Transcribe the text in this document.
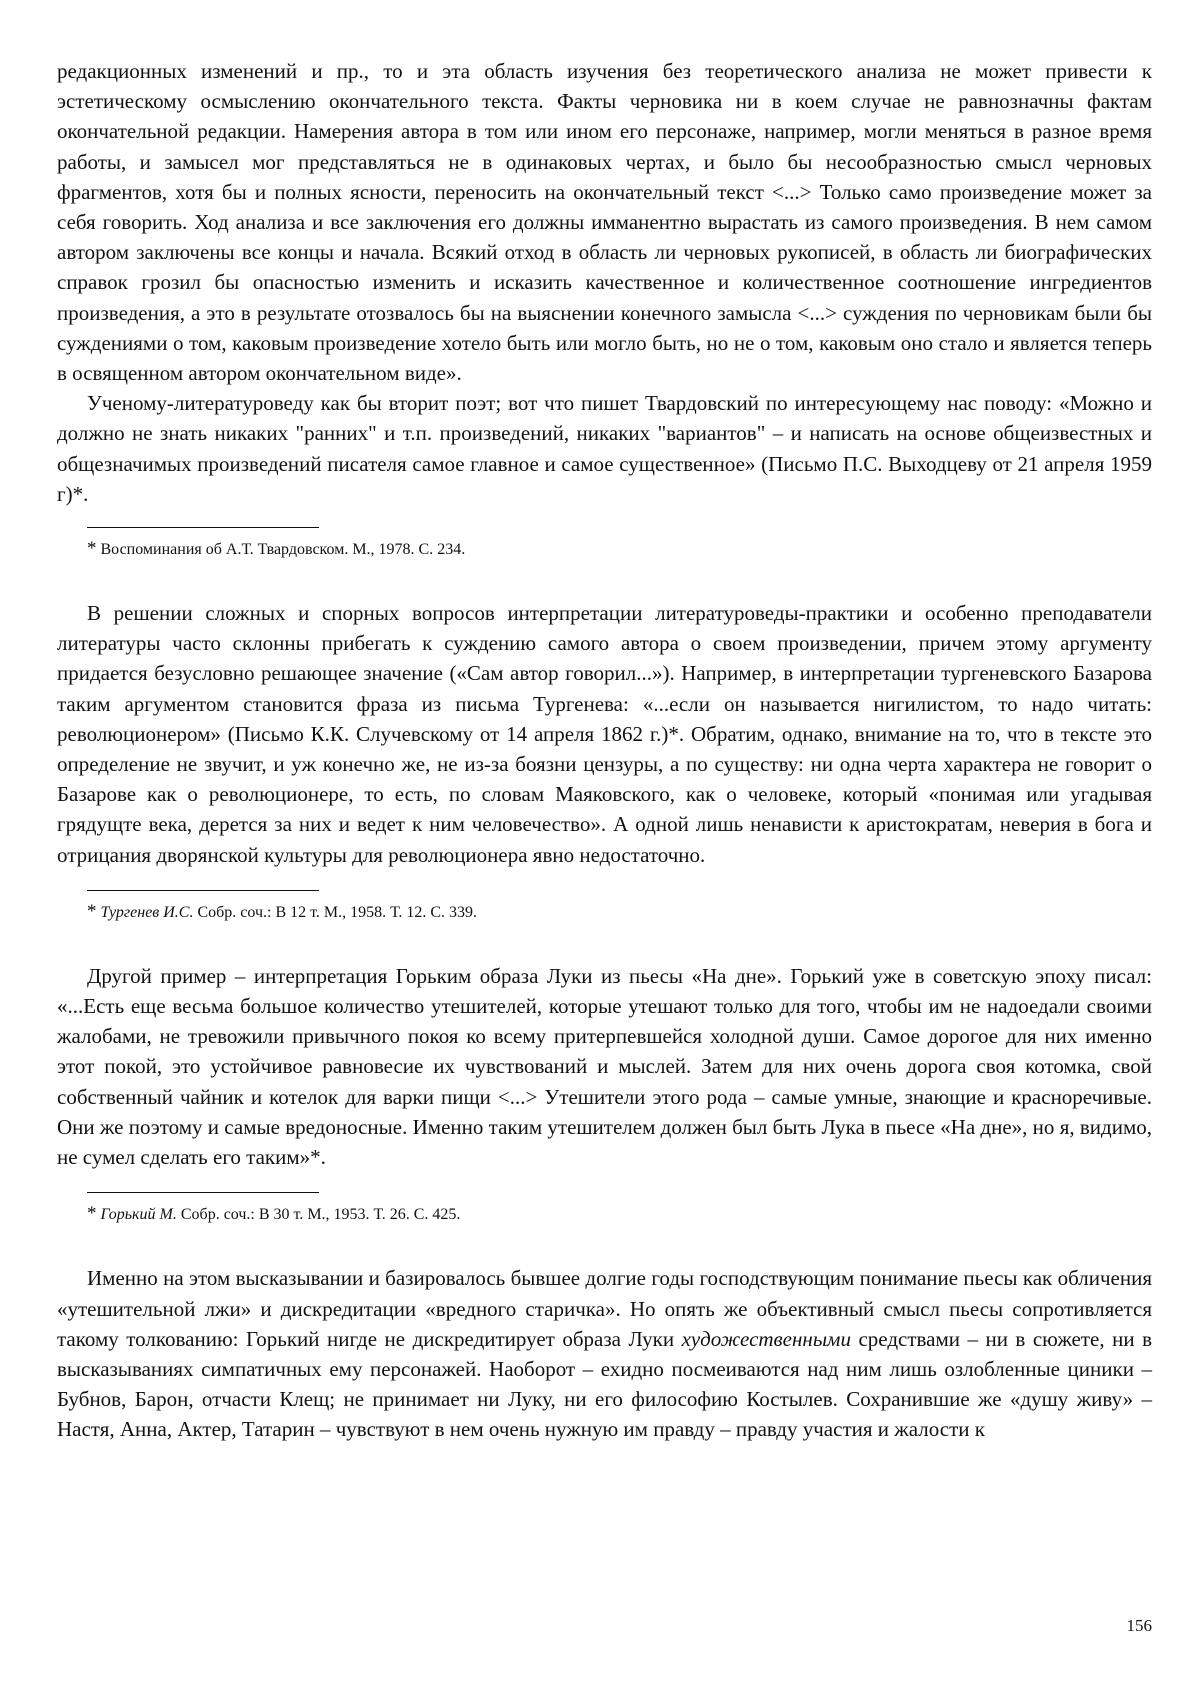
редакционных изменений и пр., то и эта область изучения без теоретического анализа не может привести к эстетическому осмыслению окончательного текста. Факты черновика ни в коем случае не равнозначны фактам окончательной редакции. Намерения автора в том или ином его персонаже, например, могли меняться в разное время работы, и замысел мог представляться не в одинаковых чертах, и было бы несообразностью смысл черновых фрагментов, хотя бы и полных ясности, переносить на окончательный текст <...> Только само произведение может за себя говорить. Ход анализа и все заключения его должны имманентно вырастать из самого произведения. В нем самом автором заключены все концы и начала. Всякий отход в область ли черновых рукописей, в область ли биографических справок грозил бы опасностью изменить и исказить качественное и количественное соотношение ингредиентов произведения, а это в результате отозвалось бы на выяснении конечного замысла <...> суждения по черновикам были бы суждениями о том, каковым произведение хотело быть или могло быть, но не о том, каковым оно стало и является теперь в освященном автором окончательном виде».

Ученому-литературоведу как бы вторит поэт; вот что пишет Твардовский по интересующему нас поводу: «Можно и должно не знать никаких "ранних" и т.п. произведений, никаких "вариантов" – и написать на основе общеизвестных и общезначимых произведений писателя самое главное и самое существенное» (Письмо П.С. Выходцеву от 21 апреля 1959 г)*.

* Воспоминания об А.Т. Твардовском. М., 1978. С. 234.

В решении сложных и спорных вопросов интерпретации литературоведы-практики и особенно преподаватели литературы часто склонны прибегать к суждению самого автора о своем произведении, причем этому аргументу придается безусловно решающее значение («Сам автор говорил...»). Например, в интерпретации тургеневского Базарова таким аргументом становится фраза из письма Тургенева: «...если он называется нигилистом, то надо читать: революционером» (Письмо К.К. Случевскому от 14 апреля 1862 г.)*. Обратим, однако, внимание на то, что в тексте это определение не звучит, и уж конечно же, не из-за боязни цензуры, а по существу: ни одна черта характера не говорит о Базарове как о революционере, то есть, по словам Маяковского, как о человеке, который «понимая или угадывая грядущте века, дерется за них и ведет к ним человечество». А одной лишь ненависти к аристократам, неверия в бога и отрицания дворянской культуры для революционера явно недостаточно.

* Тургенев И.С. Собр. соч.: В 12 т. М., 1958. Т. 12. С. 339.

Другой пример – интерпретация Горьким образа Луки из пьесы «На дне». Горький уже в советскую эпоху писал: «...Есть еще весьма большое количество утешителей, которые утешают только для того, чтобы им не надоедали своими жалобами, не тревожили привычного покоя ко всему притерпевшейся холодной души. Самое дорогое для них именно этот покой, это устойчивое равновесие их чувствований и мыслей. Затем для них очень дорога своя котомка, свой собственный чайник и котелок для варки пищи <...> Утешители этого рода – самые умные, знающие и красноречивые. Они же поэтому и самые вредоносные. Именно таким утешителем должен был быть Лука в пьесе «На дне», но я, видимо, не сумел сделать его таким»*.

* Горький М. Собр. соч.: В 30 т. М., 1953. Т. 26. С. 425.

Именно на этом высказывании и базировалось бывшее долгие годы господствующим понимание пьесы как обличения «утешительной лжи» и дискредитации «вредного старичка». Но опять же объективный смысл пьесы сопротивляется такому толкованию: Горький нигде не дискредитирует образа Луки художественными средствами – ни в сюжете, ни в высказываниях симпатичных ему персонажей. Наоборот – ехидно посмеиваются над ним лишь озлобленные циники – Бубнов, Барон, отчасти Клещ; не принимает ни Луку, ни его философию Костылев. Сохранившие же «душу живу» – Настя, Анна, Актер, Татарин – чувствуют в нем очень нужную им правду – правду участия и жалости к

156
